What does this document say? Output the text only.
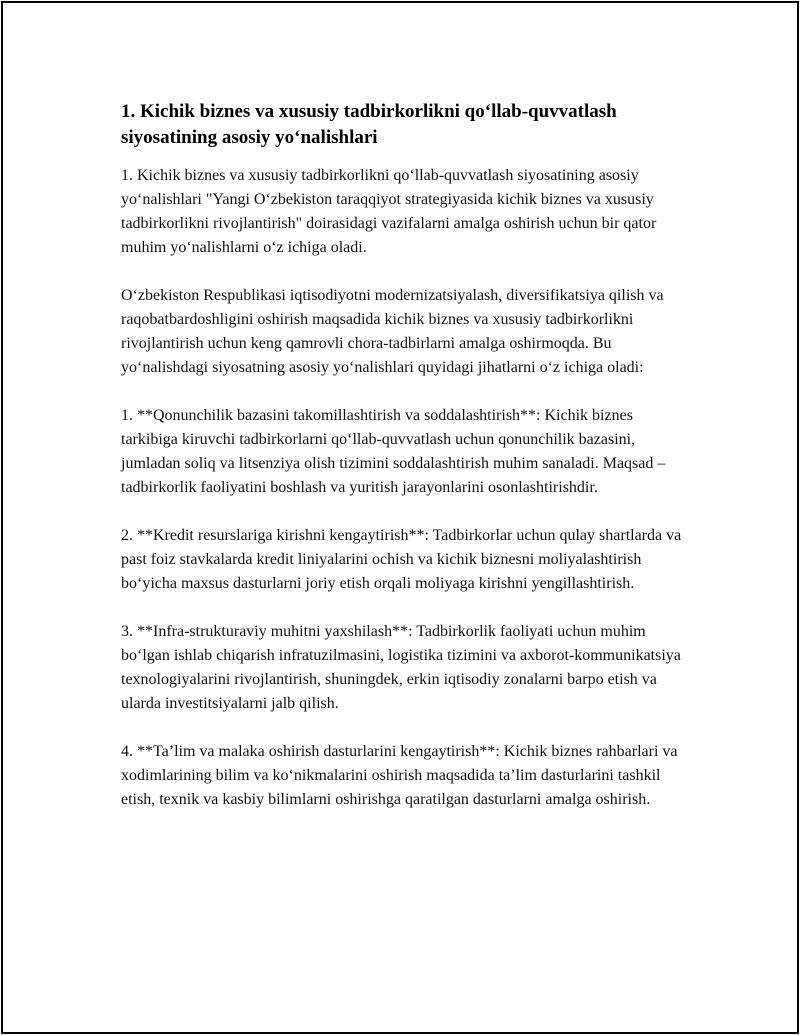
1. Kichik biznes va xususiy tadbirkorlikni qo‘llab-quvvatlash siyosatining asosiy yo‘nalishlari

1. Kichik biznes va xususiy tadbirkorlikni qo‘llab-quvvatlash siyosatining asosiy yo‘nalishlari "Yangi O‘zbekiston taraqqiyot strategiyasida kichik biznes va xususiy tadbirkorlikni rivojlantirish" doirasidagi vazifalarni amalga oshirish uchun bir qator muhim yo‘nalishlarni o‘z ichiga oladi.

O‘zbekiston Respublikasi iqtisodiyotni modernizatsiyalash, diversifikatsiya qilish va raqobatbardoshligini oshirish maqsadida kichik biznes va xususiy tadbirkorlikni rivojlantirish uchun keng qamrovli chora-tadbirlarni amalga oshirmoqda. Bu yo‘nalishdagi siyosatning asosiy yo‘nalishlari quyidagi jihatlarni o‘z ichiga oladi:

1. **Qonunchilik bazasini takomillashtirish va soddalashtirish**: Kichik biznes tarkibiga kiruvchi tadbirkorlarni qo‘llab-quvvatlash uchun qonunchilik bazasini, jumladan soliq va litsenziya olish tizimini soddalashtirish muhim sanaladi. Maqsad – tadbirkorlik faoliyatini boshlash va yuritish jarayonlarini osonlashtirishdir.

2. **Kredit resurslariga kirishni kengaytirish**: Tadbirkorlar uchun qulay shartlarda va past foiz stavkalarda kredit liniyalarini ochish va kichik biznesni moliyalashtirish bo‘yicha maxsus dasturlarni joriy etish orqali moliyaga kirishni yengillashtirish.

3. **Infra-strukturaviy muhitni yaxshilash**: Tadbirkorlik faoliyati uchun muhim bo‘lgan ishlab chiqarish infratuzilmasini, logistika tizimini va axborot-kommunikatsiya texnologiyalarini rivojlantirish, shuningdek, erkin iqtisodiy zonalarni barpo etish va ularda investitsiyalarni jalb qilish.

4. **Ta’lim va malaka oshirish dasturlarini kengaytirish**: Kichik biznes rahbarlari va xodimlarining bilim va ko‘nikmalarini oshirish maqsadida ta’lim dasturlarini tashkil etish, texnik va kasbiy bilimlarni oshirishga qaratilgan dasturlarni amalga oshirish.
